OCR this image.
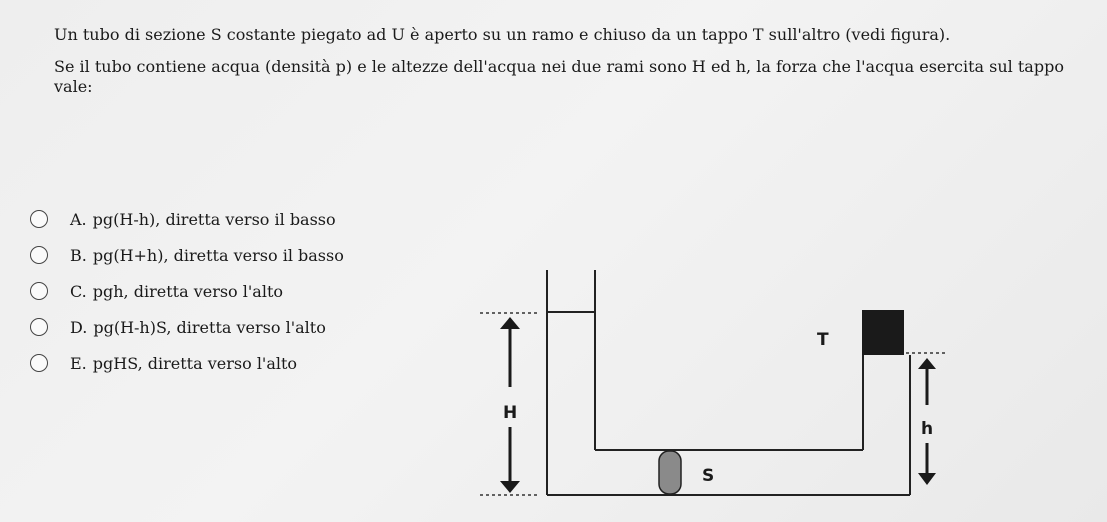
Un tubo di sezione S costante piegato ad U è aperto su un ramo e chiuso da un tappo T sull'altro (vedi figura).

Se il tubo contiene acqua (densità p) e le altezze dell'acqua nei due rami sono H ed h, la forza che l'acqua esercita sul tappo vale:

A. pg(H-h), diretta verso il basso
B. pg(H+h), diretta verso il basso
C. pgh, diretta verso l'alto
D. pg(H-h)S, diretta verso l'alto
E. pgHS, diretta verso l'alto
T
H
h
S
